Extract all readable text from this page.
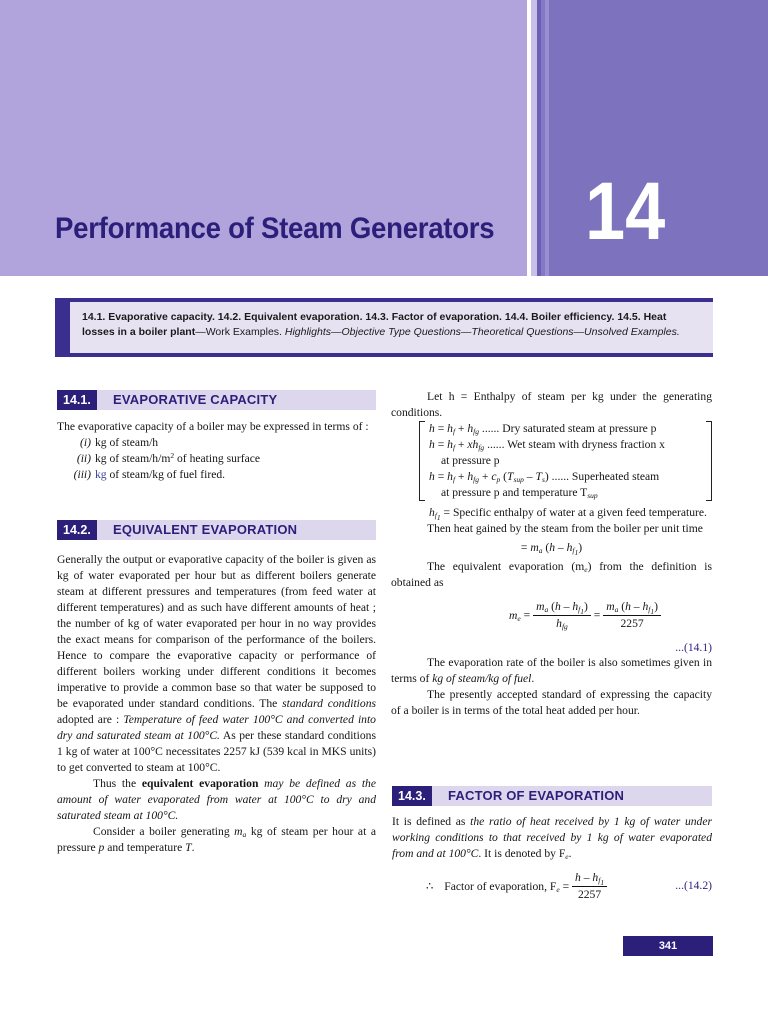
Performance of Steam Generators 14
14.1. Evaporative capacity. 14.2. Equivalent evaporation. 14.3. Factor of evaporation. 14.4. Boiler efficiency. 14.5. Heat losses in a boiler plant—Work Examples. Highlights—Objective Type Questions—Theoretical Questions—Unsolved Examples.
14.1.	EVAPORATIVE CAPACITY

The evaporative capacity of a boiler may be expressed in terms of :

(i) kg of steam/h
(ii) kg of steam/$h/m^2$ of heating surface
(iii) kg of steam/kg of fuel fired.
14.2.	EQUIVALENT EVAPORATION

Generally the output or evaporative capacity of the boiler is given as kg of water evaporated per hour but as different boilers generate steam at different pressures and temperatures (from feed water at different temperatures) and as such have different amounts of heat ; the number of kg of water evaporated per hour in no way provides the exact means for comparison of the performance of the boilers. Hence to compare the evaporative capacity or performance of different boilers working under different conditions it becomes imperative to provide a common base so that water be supposed to be evaporated under standard conditions. The standard conditions adopted are : Temperature of feed water 100°C and converted into dry and saturated steam at 100°C. As per these standard conditions 1 kg of water at 100°C necessitates 2257 kJ (539 kcal in MKS units) to get converted to steam at 100°C.

Thus the equivalent evaporation may be defined as the amount of water evaporated from water at 100°C to dry and saturated steam at 100°C.

Consider a boiler generating $m_a$ kg of steam per hour at a pressure p and temperature T.

Let h = Enthalpy of steam per kg under the generating conditions.

$h = h_f + h_{fg}$ ...... Dry saturated steam at pressure p
$h = h_f + xh_{fg}$ ...... Wet steam with dryness fraction x
at pressure p
$h = h_f + h_{fg} + c_p$ $(T_{sup} - T_s)$ ...... Superheated steam
at pressure p and temperature $T_{sup}$

$h_{f_1}$ = Specific enthalpy of water at a given feed temperature.

Then heat gained by the steam from the boiler per unit time

= $m_a$ $(h - h_{f_1})$

The equivalent evaporation $(m_e)$ from the definition is obtained as

$m_e = \frac{m_a (h - h_{f_1})}{h_{fg}} = \frac{m_a (h - h_{f_1})}{2257}$
...(14.1)

The evaporation rate of the boiler is also sometimes given in terms of kg of steam/kg of fuel.

The presently accepted standard of expressing the capacity of a boiler is in terms of the total heat added per hour.

14.3.	FACTOR OF EVAPORATION

It is defined as the ratio of heat received by 1 kg of water under working conditions to that received by 1 kg of water evaporated from and at 100°C. It is denoted by $F_e$.

∴ Factor of evaporation, $F_e = \frac{h - h_{f_1}}{2257}$	...(14.2)
341
